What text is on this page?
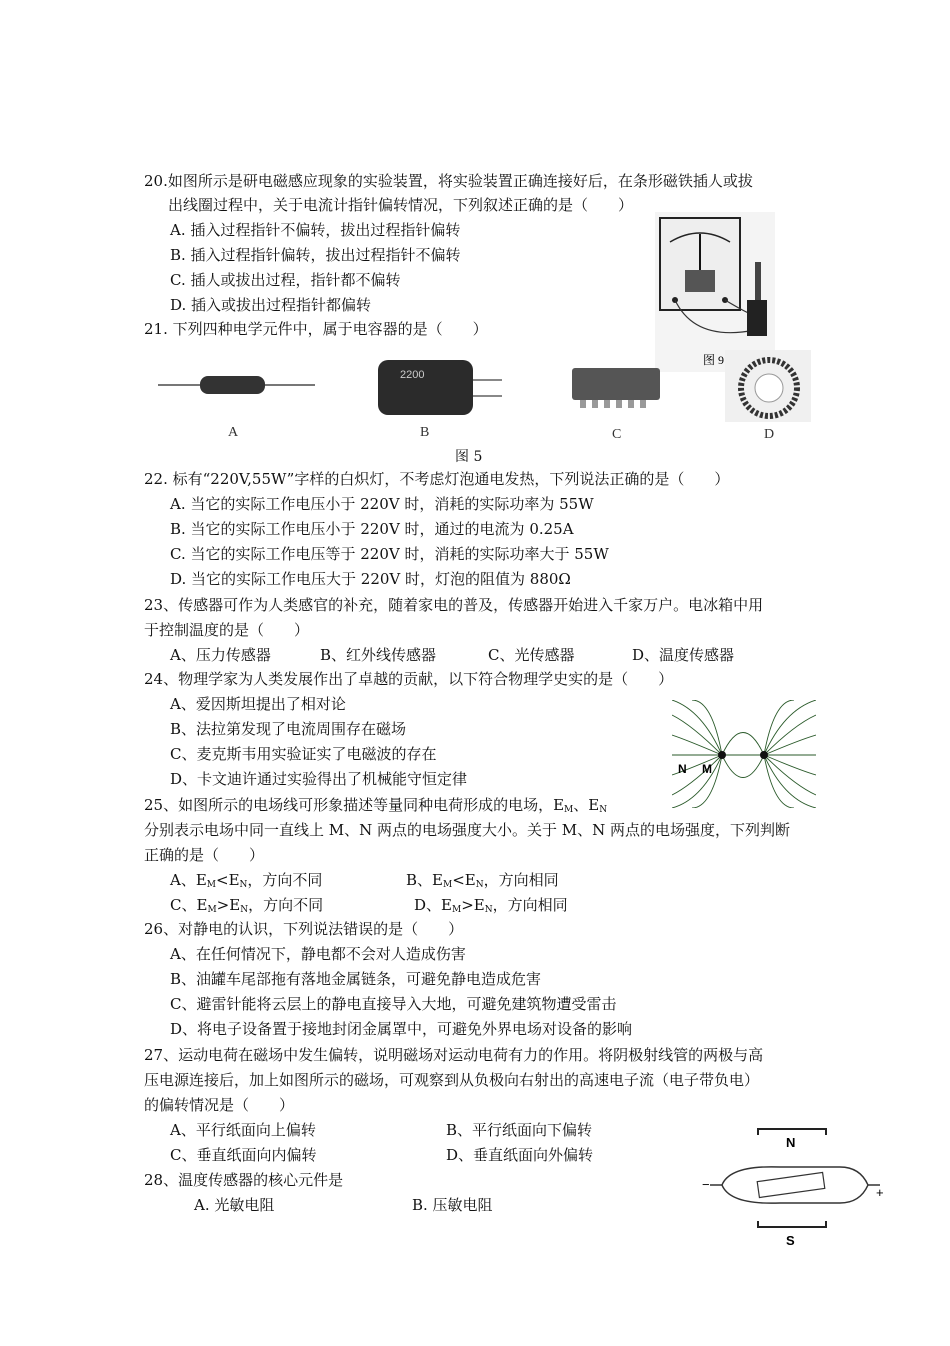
20.如图所示是研电磁感应现象的实验装置，将实验装置正确连接好后，在条形磁铁插人或拔
出线圈过程中，关于电流计指针偏转情况，下列叙述正确的是（　　）
A. 插入过程指针不偏转，拔出过程指针偏转
B. 插入过程指针偏转，拔出过程指针不偏转
C. 插人或拔出过程，指针都不偏转
D. 插入或拔出过程指针都偏转
图 9
21. 下列四种电学元件中，属于电容器的是（　　）
2200
A	B	C	D
图 5
22. 标有“220V,55W”字样的白炽灯，不考虑灯泡通电发热，下列说法正确的是（　　）
A. 当它的实际工作电压小于 220V 时，消耗的实际功率为 55W
B. 当它的实际工作电压小于 220V 时，通过的电流为 0.25A
C. 当它的实际工作电压等于 220V 时，消耗的实际功率大于 55W
D. 当它的实际工作电压大于 220V 时，灯泡的阻值为 880Ω
23、传感器可作为人类感官的补充，随着家电的普及，传感器开始进入千家万户。电冰箱中用
于控制温度的是（　　）
A、压力传感器	B、红外线传感器	C、光传感器	D、温度传感器
24、物理学家为人类发展作出了卓越的贡献，以下符合物理学史实的是（　　）
A、爱因斯坦提出了相对论
B、法拉第发现了电流周围存在磁场
C、麦克斯韦用实验证实了电磁波的存在
D、卡文迪许通过实验得出了机械能守恒定律
N M
25、如图所示的电场线可形象描述等量同种电荷形成的电场，$E_M$、$E_N$
分别表示电场中同一直线上 M、N 两点的电场强度大小。关于 M、N 两点的电场强度，下列判断
正确的是（　　）
A、$E_M<E_N$，方向不同	B、$E_M<E_N$，方向相同
C、$E_M>E_N$，方向不同	D、$E_M>E_N$，方向相同
26、对静电的认识，下列说法错误的是（　　）
A、在任何情况下，静电都不会对人造成伤害
B、油罐车尾部拖有落地金属链条，可避免静电造成危害
C、避雷针能将云层上的静电直接导入大地，可避免建筑物遭受雷击
D、将电子设备置于接地封闭金属罩中，可避免外界电场对设备的影响
27、运动电荷在磁场中发生偏转，说明磁场对运动电荷有力的作用。将阴极射线管的两极与高
压电源连接后，加上如图所示的磁场，可观察到从负极向右射出的高速电子流（电子带负电）
的偏转情况是（　　）
A、平行纸面向上偏转	B、平行纸面向下偏转
C、垂直纸面向内偏转	D、垂直纸面向外偏转
N
−
+
S
28、温度传感器的核心元件是
A. 光敏电阻	B. 压敏电阻
